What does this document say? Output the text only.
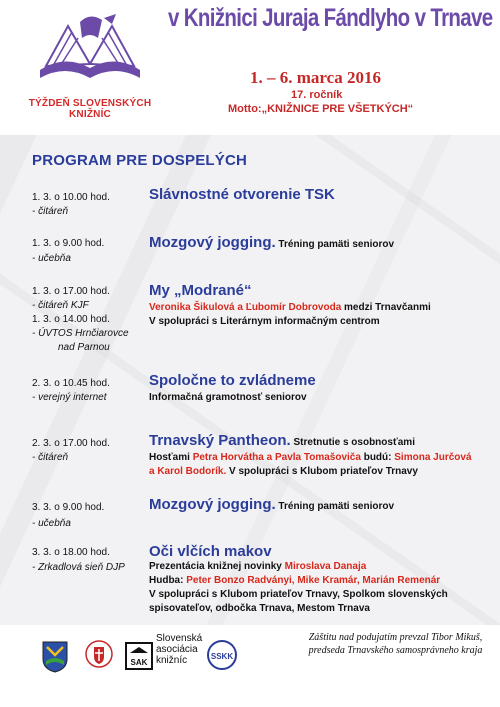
TÝŽDEŇ SLOVENSKÝCH
KNIŽNÍC
v Knižnici Juraja Fándlyho v Trnave
1. – 6. marca 2016
17. ročník
Motto:„KNIŽNICE PRE VŠETKÝCH“
PROGRAM PRE DOSPELÝCH
1. 3. o 10.00 hod.
- čitáreň
Slávnostné otvorenie TSK
1. 3. o 9.00 hod.
- učebňa
Mozgový jogging. Tréning pamäti seniorov
1. 3. o 17.00 hod.
- čitáreň KJF
1. 3. o 14.00 hod.
- ÚVTOS Hrnčiarovce
nad Parnou
My „Modrané“
Veronika Šikulová a Ľubomír Dobrovoda medzi Trnavčanmi
V spolupráci s Literárnym informačným centrom
2. 3. o 10.45 hod.
- verejný internet
Spoločne to zvládneme
Informačná gramotnosť seniorov
2. 3. o 17.00 hod.
- čitáreň
Trnavský Pantheon. Stretnutie s osobnosťami
Hosťami Petra Horváthа a Pavla Tomašoviča budú: Simona Jurčová
a Karol Bodorík. V spolupráci s Klubom priateľov Trnavy
3. 3. o 9.00 hod.
- učebňa
Mozgový jogging. Tréning pamäti seniorov
3. 3. o 18.00 hod.
- Zrkadlová sieň DJP
Oči vlčích makov
Prezentácia knižnej novinky Miroslava Danaja
Hudba: Peter Bonzo Radványi, Mike Kramár, Marián Remenár
V spolupráci s Klubom priateľov Trnavy, Spolkom slovenských
spisovateľov, odbočka Trnava, Mestom Trnava
SAK
Slovenská
asociácia
knižníc	SSKK
Záštitu nad podujatím prevzal Tibor Mikuš,
predseda Trnavského samosprávneho kraja
